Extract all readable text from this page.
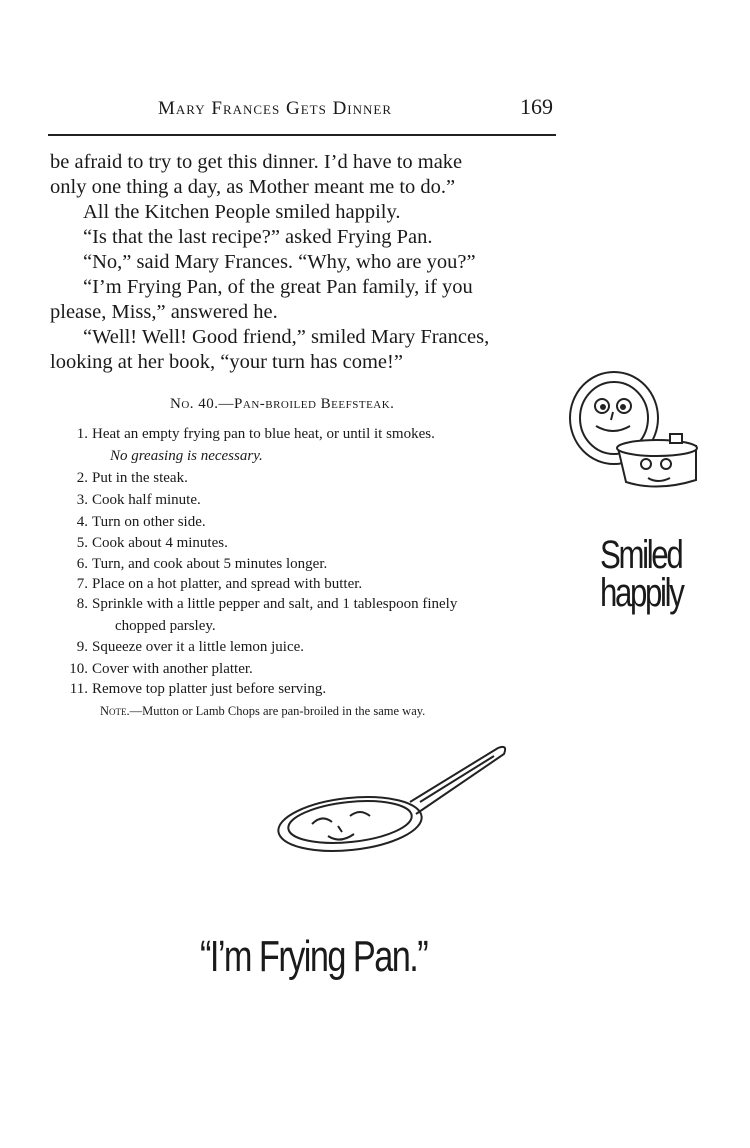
Mary Frances Gets Dinner	169
be afraid to try to get this dinner. I’d have to make
only one thing a day, as Mother meant me to do.”
All the Kitchen People smiled happily.
“Is that the last recipe?” asked Frying Pan.
“No,” said Mary Frances. “Why, who are you?”
“I’m Frying Pan, of the great Pan family, if you
please, Miss,” answered he.
“Well! Well! Good friend,” smiled Mary Frances,
looking at her book, “your turn has come!”
No. 40.—Pan-broiled Beefsteak.
1. Heat an empty frying pan to blue heat, or until it smokes.
No greasing is necessary.
2. Put in the steak.
3. Cook half minute.
4. Turn on other side.
5. Cook about 4 minutes.
6. Turn, and cook about 5 minutes longer.
7. Place on a hot platter, and spread with butter.
8. Sprinkle with a little pepper and salt, and 1 tablespoon finely
chopped parsley.
9. Squeeze over it a little lemon juice.
10. Cover with another platter.
11. Remove top platter just before serving.
Note.—Mutton or Lamb Chops are pan-broiled in the same way.
Smiled
happily
“I’m Frying Pan.”
